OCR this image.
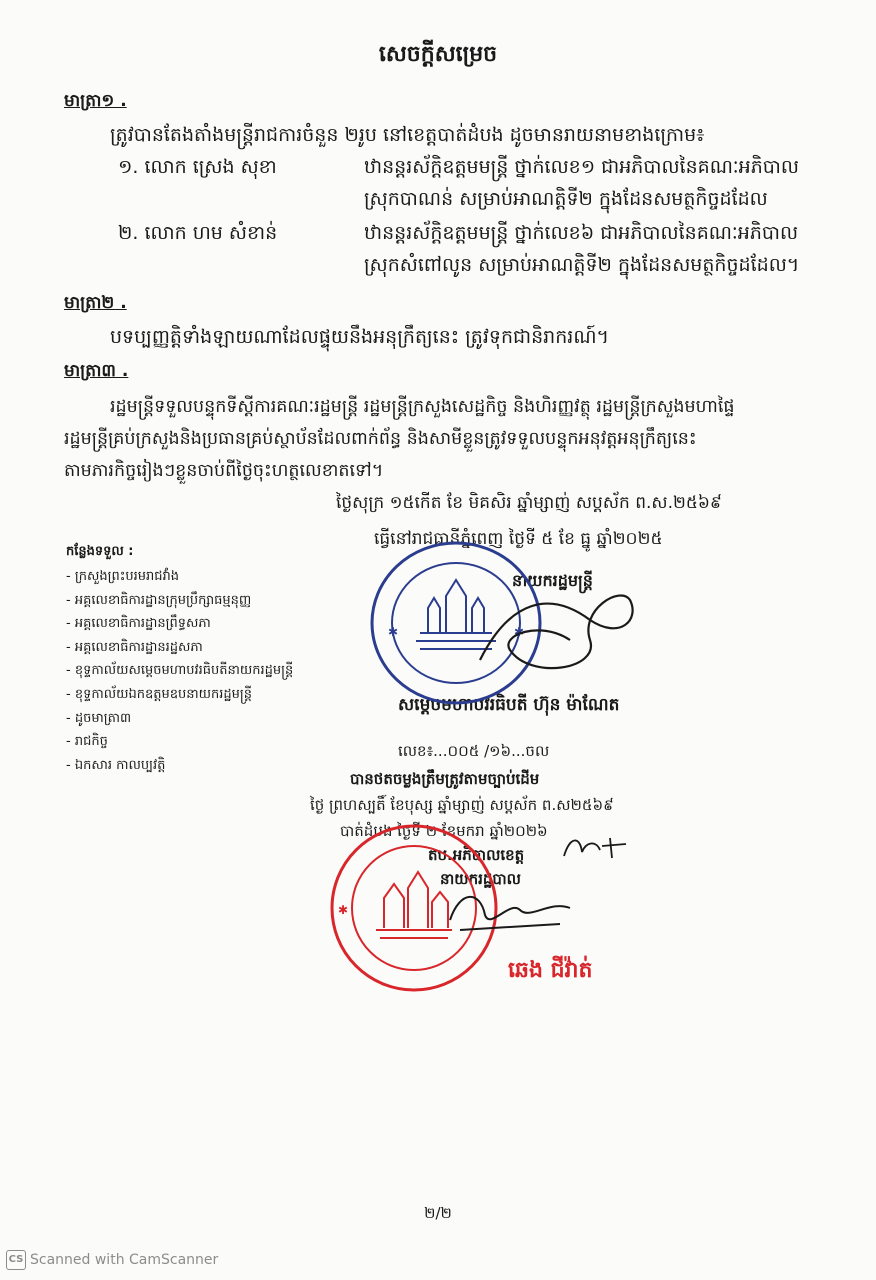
សេចក្តីសម្រេច
មាត្រា១ .
ត្រូវបានតែងតាំងមន្ត្រីរាជការចំនួន ២រូប នៅខេត្តបាត់ដំបង ដូចមានរាយនាមខាងក្រោម៖
១. លោក ស្រេង សុខា	ឋានន្តរស័ក្តិឧត្តមមន្ត្រី ថ្នាក់លេខ១ ជាអភិបាលនៃគណៈអភិបាល
ស្រុកបាណន់ សម្រាប់អាណត្តិទី២ ក្នុងដែនសមត្ថកិច្ចដដែល
២. លោក ហម សំខាន់	ឋានន្តរស័ក្តិឧត្តមមន្ត្រី ថ្នាក់លេខ៦ ជាអភិបាលនៃគណៈអភិបាល
ស្រុកសំពៅលូន សម្រាប់អាណត្តិទី២ ក្នុងដែនសមត្ថកិច្ចដដែល។
មាត្រា២ .
បទប្បញ្ញត្តិទាំងឡាយណាដែលផ្ទុយនឹងអនុក្រឹត្យនេះ ត្រូវទុកជានិរាករណ៍។
មាត្រា៣ .
រដ្ឋមន្ត្រីទទួលបន្ទុកទីស្តីការគណៈរដ្ឋមន្ត្រី រដ្ឋមន្ត្រីក្រសួងសេដ្ឋកិច្ច និងហិរញ្ញវត្ថុ រដ្ឋមន្ត្រីក្រសួងមហាផ្ទៃ
រដ្ឋមន្ត្រីគ្រប់ក្រសួងនិងប្រធានគ្រប់ស្ថាប័នដែលពាក់ព័ន្ធ និងសាមីខ្លួនត្រូវទទួលបន្ទុកអនុវត្តអនុក្រឹត្យនេះ
តាមភារកិច្ចរៀងៗខ្លួនចាប់ពីថ្ងៃចុះហត្ថលេខាតទៅ។
ថ្ងៃសុក្រ ១៥កើត ខែ មិគសិរ ឆ្នាំម្សាញ់ សប្តស័ក ព.ស.២៥៦៩
ធ្វើនៅរាជធានីភ្នំពេញ ថ្ងៃទី ៥ ខែ ធ្នូ ឆ្នាំ២០២៥
នាយករដ្ឋមន្ត្រី
សម្តេចមហាបវរធិបតី ហ៊ុន ម៉ាណែត
✱	✱
កន្លែងទទួល :
- ក្រសួងព្រះបរមរាជវាំង
- អគ្គលេខាធិការដ្ឋានក្រុមប្រឹក្សាធម្មនុញ្ញ
- អគ្គលេខាធិការដ្ឋានព្រឹទ្ធសភា
- អគ្គលេខាធិការដ្ឋានរដ្ឋសភា
- ខុទ្ទកាល័យសម្តេចមហាបវរធិបតីនាយករដ្ឋមន្ត្រី
- ខុទ្ទកាល័យឯកឧត្តមឧបនាយករដ្ឋមន្ត្រី
- ដូចមាត្រា៣
- រាជកិច្ច
- ឯកសារ កាលប្បវត្តិ
លេខ៖...០០៥ /១៦...ចល
បានថតចម្លងត្រឹមត្រូវតាមច្បាប់ដើម
ថ្ងៃ ព្រហស្បតិ៍ ខែបុស្ស ឆ្នាំម្សាញ់ សប្តស័ក ព.ស២៥៦៩
បាត់ដំបង ថ្ងៃទី ២ ខែមករា ឆ្នាំ២០២៦
តប.អភិបាលខេត្ត
នាយករដ្ឋបាល
✱
ឆេង ជីវ៉ាត់
២/២
CS Scanned with CamScanner
